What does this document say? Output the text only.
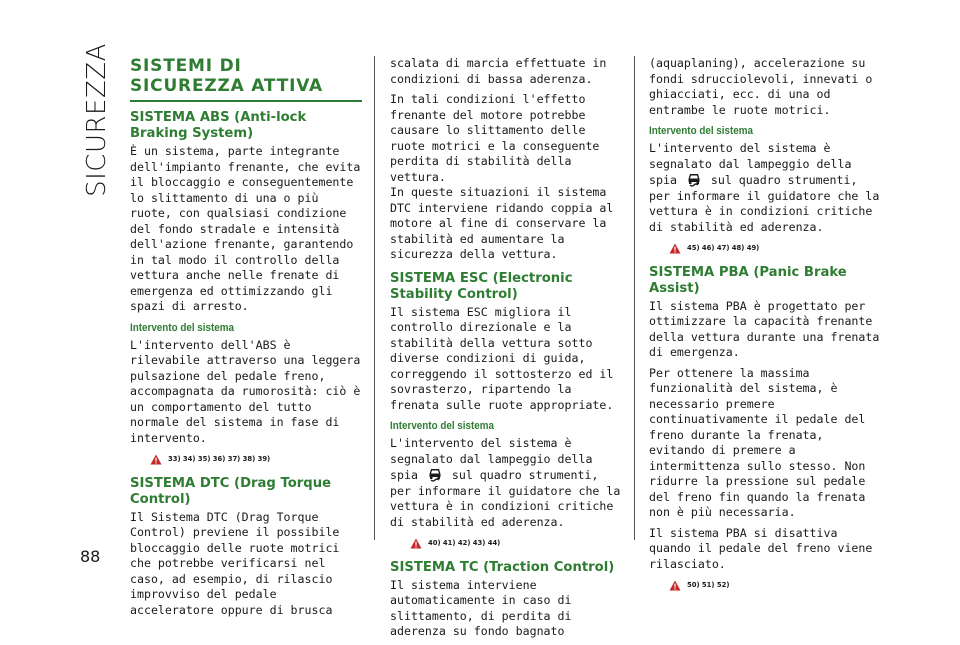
SICUREZZA
88
SISTEMI DI SICUREZZA ATTIVA
SISTEMA ABS (Anti-lock Braking System)

È un sistema, parte integrante dell'impianto frenante, che evita il bloccaggio e conseguentemente lo slittamento di una o più ruote, con qualsiasi condizione del fondo stradale e intensità dell'azione frenante, garantendo in tal modo il controllo della vettura anche nelle frenate di emergenza ed ottimizzando gli spazi di arresto.

Intervento del sistema

L'intervento dell'ABS è rilevabile attraverso una leggera pulsazione del pedale freno, accompagnata da rumorosità: ciò è un comportamento del tutto normale del sistema in fase di intervento.

33) 34) 35) 36) 37) 38) 39)
SISTEMA DTC (Drag Torque Control)

Il Sistema DTC (Drag Torque Control) previene il possibile bloccaggio delle ruote motrici che potrebbe verificarsi nel caso, ad esempio, di rilascio improvviso del pedale acceleratore oppure di brusca

scalata di marcia effettuate in condizioni di bassa aderenza.

In tali condizioni l'effetto frenante del motore potrebbe causare lo slittamento delle ruote motrici e la conseguente perdita di stabilità della vettura.

In queste situazioni il sistema DTC interviene ridando coppia al motore al fine di conservare la stabilità ed aumentare la sicurezza della vettura.

SISTEMA ESC (Electronic Stability Control)

Il sistema ESC migliora il controllo direzionale e la stabilità della vettura sotto diverse condizioni di guida, correggendo il sottosterzo ed il sovrasterzo, ripartendo la frenata sulle ruote appropriate.

Intervento del sistema

L'intervento del sistema è segnalato dal lampeggio della spia	sul quadro strumenti, per informare il guidatore che la vettura è in condizioni critiche di stabilità ed aderenza.

40) 41) 42) 43) 44)
SISTEMA TC (Traction Control)

Il sistema interviene automaticamente in caso di slittamento, di perdita di aderenza su fondo bagnato

(aquaplaning), accelerazione su fondi sdrucciolevoli, innevati o ghiacciati, ecc. di una od entrambe le ruote motrici.

Intervento del sistema

L'intervento del sistema è segnalato dal lampeggio della spia	sul quadro strumenti, per informare il guidatore che la vettura è in condizioni critiche di stabilità ed aderenza.

45) 46) 47) 48) 49)
SISTEMA PBA (Panic Brake Assist)

Il sistema PBA è progettato per ottimizzare la capacità frenante della vettura durante una frenata di emergenza.

Per ottenere la massima funzionalità del sistema, è necessario premere continuativamente il pedale del freno durante la frenata, evitando di premere a intermittenza sullo stesso. Non ridurre la pressione sul pedale del freno fin quando la frenata non è più necessaria.

Il sistema PBA si disattiva quando il pedale del freno viene rilasciato.

50) 51) 52)
